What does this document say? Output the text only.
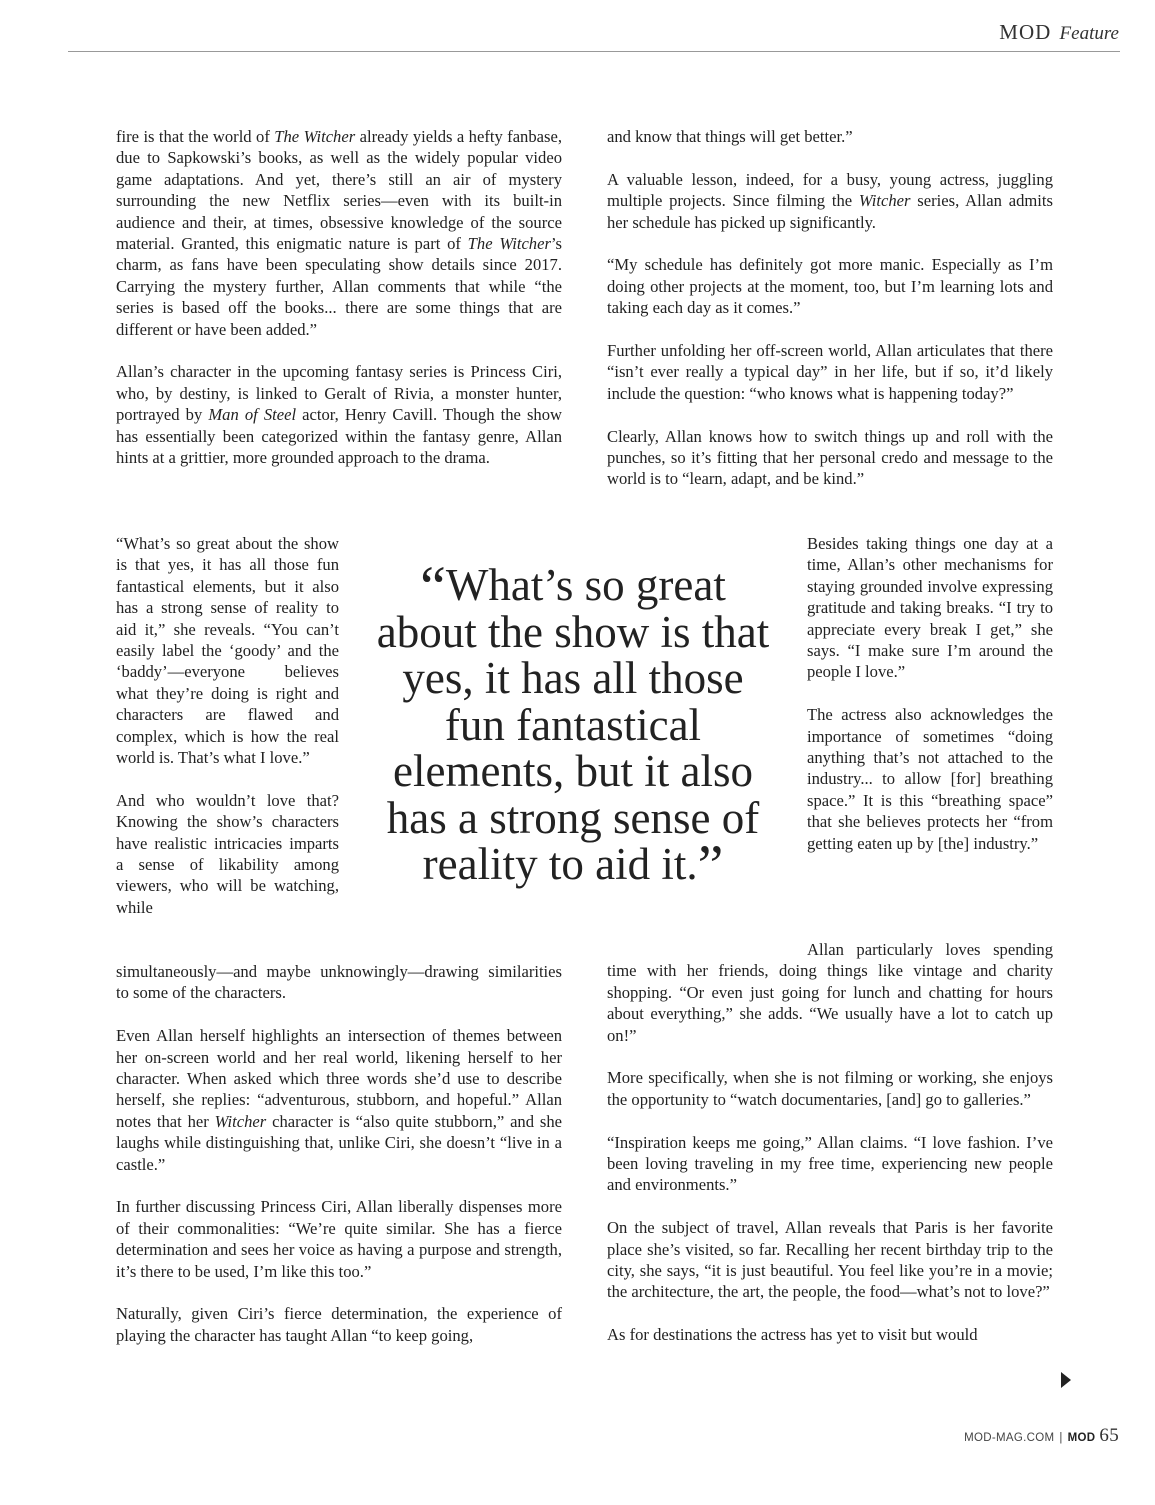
MOD Feature

fire is that the world of The Witcher already yields a hefty fanbase, due to Sapkowski’s books, as well as the widely popular video game adaptations. And yet, there’s still an air of mystery surrounding the new Netflix series—even with its built-in audience and their, at times, obsessive knowledge of the source material. Granted, this enigmatic nature is part of The Witcher’s charm, as fans have been speculating show details since 2017. Carrying the mystery further, Allan comments that while “the series is based off the books... there are some things that are different or have been added.”

Allan’s character in the upcoming fantasy series is Princess Ciri, who, by destiny, is linked to Geralt of Rivia, a monster hunter, portrayed by Man of Steel actor, Henry Cavill. Though the show has essentially been categorized within the fantasy genre, Allan hints at a grittier, more grounded approach to the drama.

“What’s so great about the show is that yes, it has all those fun fantastical elements, but it also has a strong sense of reality to aid it,” she reveals. “You can’t easily label the ‘goody’ and the ‘baddy’—everyone believes what they’re doing is right and characters are flawed and complex, which is how the real world is. That’s what I love.”

And who wouldn’t love that? Knowing the show’s characters have realistic intricacies imparts a sense of likability among viewers, who will be watching, while

“What’s so great about the show is that yes, it has all those fun fantastical elements, but it also has a strong sense of reality to aid it.”

simultaneously—and maybe unknowingly—drawing similarities to some of the characters.

Even Allan herself highlights an intersection of themes between her on-screen world and her real world, likening herself to her character. When asked which three words she’d use to describe herself, she replies: “adventurous, stubborn, and hopeful.” Allan notes that her Witcher character is “also quite stubborn,” and she laughs while distinguishing that, unlike Ciri, she doesn’t “live in a castle.”

In further discussing Princess Ciri, Allan liberally dispenses more of their commonalities: “We’re quite similar. She has a fierce determination and sees her voice as having a purpose and strength, it’s there to be used, I’m like this too.”

Naturally, given Ciri’s fierce determination, the experience of playing the character has taught Allan “to keep going,

and know that things will get better.”

A valuable lesson, indeed, for a busy, young actress, juggling multiple projects. Since filming the Witcher series, Allan admits her schedule has picked up significantly.

“My schedule has definitely got more manic. Especially as I’m doing other projects at the moment, too, but I’m learning lots and taking each day as it comes.”

Further unfolding her off-screen world, Allan articulates that there “isn’t ever really a typical day” in her life, but if so, it’d likely include the question: “who knows what is happening today?”

Clearly, Allan knows how to switch things up and roll with the punches, so it’s fitting that her personal credo and message to the world is to “learn, adapt, and be kind.”

Besides taking things one day at a time, Allan’s other mechanisms for staying grounded involve expressing gratitude and taking breaks. “I try to appreciate every break I get,” she says. “I make sure I’m around the people I love.”

The actress also acknowledges the importance of sometimes “doing anything that’s not attached to the industry... to allow [for] breathing space.” It is this “breathing space” that she believes protects her “from getting eaten up by [the] industry.”

Allan particularly loves spending time with her friends, doing things like vintage and charity shopping. “Or even just going for lunch and chatting for hours about everything,” she adds. “We usually have a lot to catch up on!”

More specifically, when she is not filming or working, she enjoys the opportunity to “watch documentaries, [and] go to galleries.”

“Inspiration keeps me going,” Allan claims. “I love fashion. I’ve been loving traveling in my free time, experiencing new people and environments.”

On the subject of travel, Allan reveals that Paris is her favorite place she’s visited, so far. Recalling her recent birthday trip to the city, she says, “it is just beautiful. You feel like you’re in a movie; the architecture, the art, the people, the food—what’s not to love?”

As for destinations the actress has yet to visit but would

MOD-MAG.COM | MOD 65
